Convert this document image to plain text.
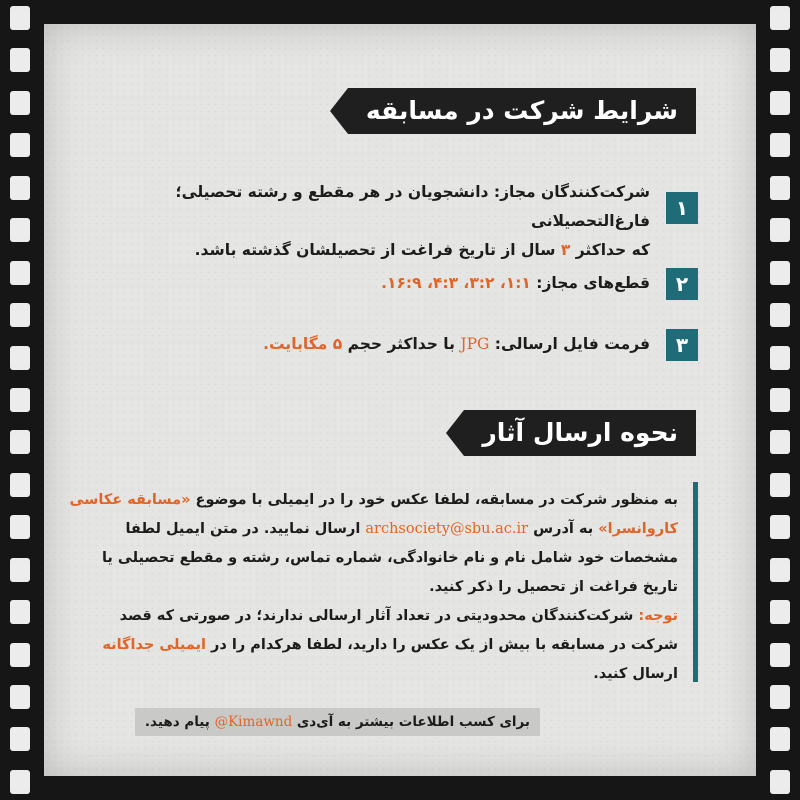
شرایط شرکت در مسابقه
۱
شرکت‌کنندگان مجاز: دانشجویان در هر مقطع و رشته تحصیلی؛ فارغ‌التحصیلانی
که حداکثر ۳ سال از تاریخ فراغت از تحصیلشان گذشته باشد.
۲
قطع‌های مجاز: ۱:۱، ۳:۲، ۴:۳، ۱۶:۹.
۳
فرمت فایل ارسالی: JPG با حداکثر حجم ۵ مگابایت.
نحوه ارسال آثار
به منظور شرکت در مسابقه، لطفا عکس خود را در ایمیلی با موضوع «مسابقه عکاسی کاروانسرا» به آدرس archsociety@sbu.ac.ir ارسال نمایید. در متن ایمیل لطفا مشخصات خود شامل نام و نام خانوادگی، شماره تماس، رشته و مقطع تحصیلی یا تاریخ فراغت از تحصیل را ذکر کنید.
توجه: شرکت‌کنندگان محدودیتی در تعداد آثار ارسالی ندارند؛ در صورتی که قصد شرکت در مسابقه با بیش از یک عکس را دارید، لطفا هرکدام را در ایمیلی جداگانه ارسال کنید.
برای کسب اطلاعات بیشتر به آی‌دی @Kimawnd پیام دهید.
